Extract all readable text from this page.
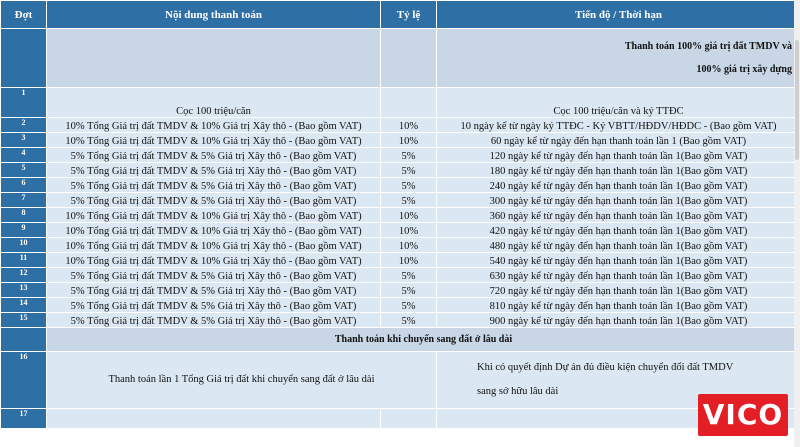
Đợt	Nội dung thanh toán	Tỷ lệ	Tiến độ / Thời hạn

			Thanh toán 100% giá trị đất TMDV và
100% giá trị xây dựng

1	Cọc 100 triệu/căn		Cọc 100 triệu/căn và ký TTĐC
2	10% Tổng Giá trị đất TMDV & 10% Giá trị Xây thô - (Bao gồm VAT)	10%	10 ngày kể từ ngày ký TTĐC - Ký VBTT/HĐDV/HĐDC - (Bao gồm VAT)
3	10% Tổng Giá trị đất TMDV & 10% Giá trị Xây thô - (Bao gồm VAT)	10%	60 ngày kể từ ngày đến hạn thanh toán lần 1 (Bao gồm VAT)
4	5% Tổng Giá trị đất TMDV & 5% Giá trị Xây thô - (Bao gồm VAT)	5%	120 ngày kể từ ngày đến hạn thanh toán lần 1(Bao gồm VAT)
5	5% Tổng Giá trị đất TMDV & 5% Giá trị Xây thô - (Bao gồm VAT)	5%	180 ngày kể từ ngày đến hạn thanh toán lần 1(Bao gồm VAT)
6	5% Tổng Giá trị đất TMDV & 5% Giá trị Xây thô - (Bao gồm VAT)	5%	240 ngày kể từ ngày đến hạn thanh toán lần 1(Bao gồm VAT)
7	5% Tổng Giá trị đất TMDV & 5% Giá trị Xây thô - (Bao gồm VAT)	5%	300 ngày kể từ ngày đến hạn thanh toán lần 1(Bao gồm VAT)
8	10% Tổng Giá trị đất TMDV & 10% Giá trị Xây thô - (Bao gồm VAT)	10%	360 ngày kể từ ngày đến hạn thanh toán lần 1(Bao gồm VAT)
9	10% Tổng Giá trị đất TMDV & 10% Giá trị Xây thô - (Bao gồm VAT)	10%	420 ngày kể từ ngày đến hạn thanh toán lần 1(Bao gồm VAT)
10	10% Tổng Giá trị đất TMDV & 10% Giá trị Xây thô - (Bao gồm VAT)	10%	480 ngày kể từ ngày đến hạn thanh toán lần 1(Bao gồm VAT)
11	10% Tổng Giá trị đất TMDV & 10% Giá trị Xây thô - (Bao gồm VAT)	10%	540 ngày kể từ ngày đến hạn thanh toán lần 1(Bao gồm VAT)
12	5% Tổng Giá trị đất TMDV & 5% Giá trị Xây thô - (Bao gồm VAT)	5%	630 ngày kể từ ngày đến hạn thanh toán lần 1(Bao gồm VAT)
13	5% Tổng Giá trị đất TMDV & 5% Giá trị Xây thô - (Bao gồm VAT)	5%	720 ngày kể từ ngày đến hạn thanh toán lần 1(Bao gồm VAT)
14	5% Tổng Giá trị đất TMDV & 5% Giá trị Xây thô - (Bao gồm VAT)	5%	810 ngày kể từ ngày đến hạn thanh toán lần 1(Bao gồm VAT)
15	5% Tổng Giá trị đất TMDV & 5% Giá trị Xây thô - (Bao gồm VAT)	5%	900 ngày kể từ ngày đến hạn thanh toán lần 1(Bao gồm VAT)
	Thanh toán khi chuyển sang đất ở lâu dài		
16	Thanh toán lần 1 Tổng Giá trị đất khi chuyển sang đất ở lâu dài		Khi có quyết định Dự án đủ điều kiện chuyển đổi đất TMDV
sang sở hữu lâu dài

17				VICO
